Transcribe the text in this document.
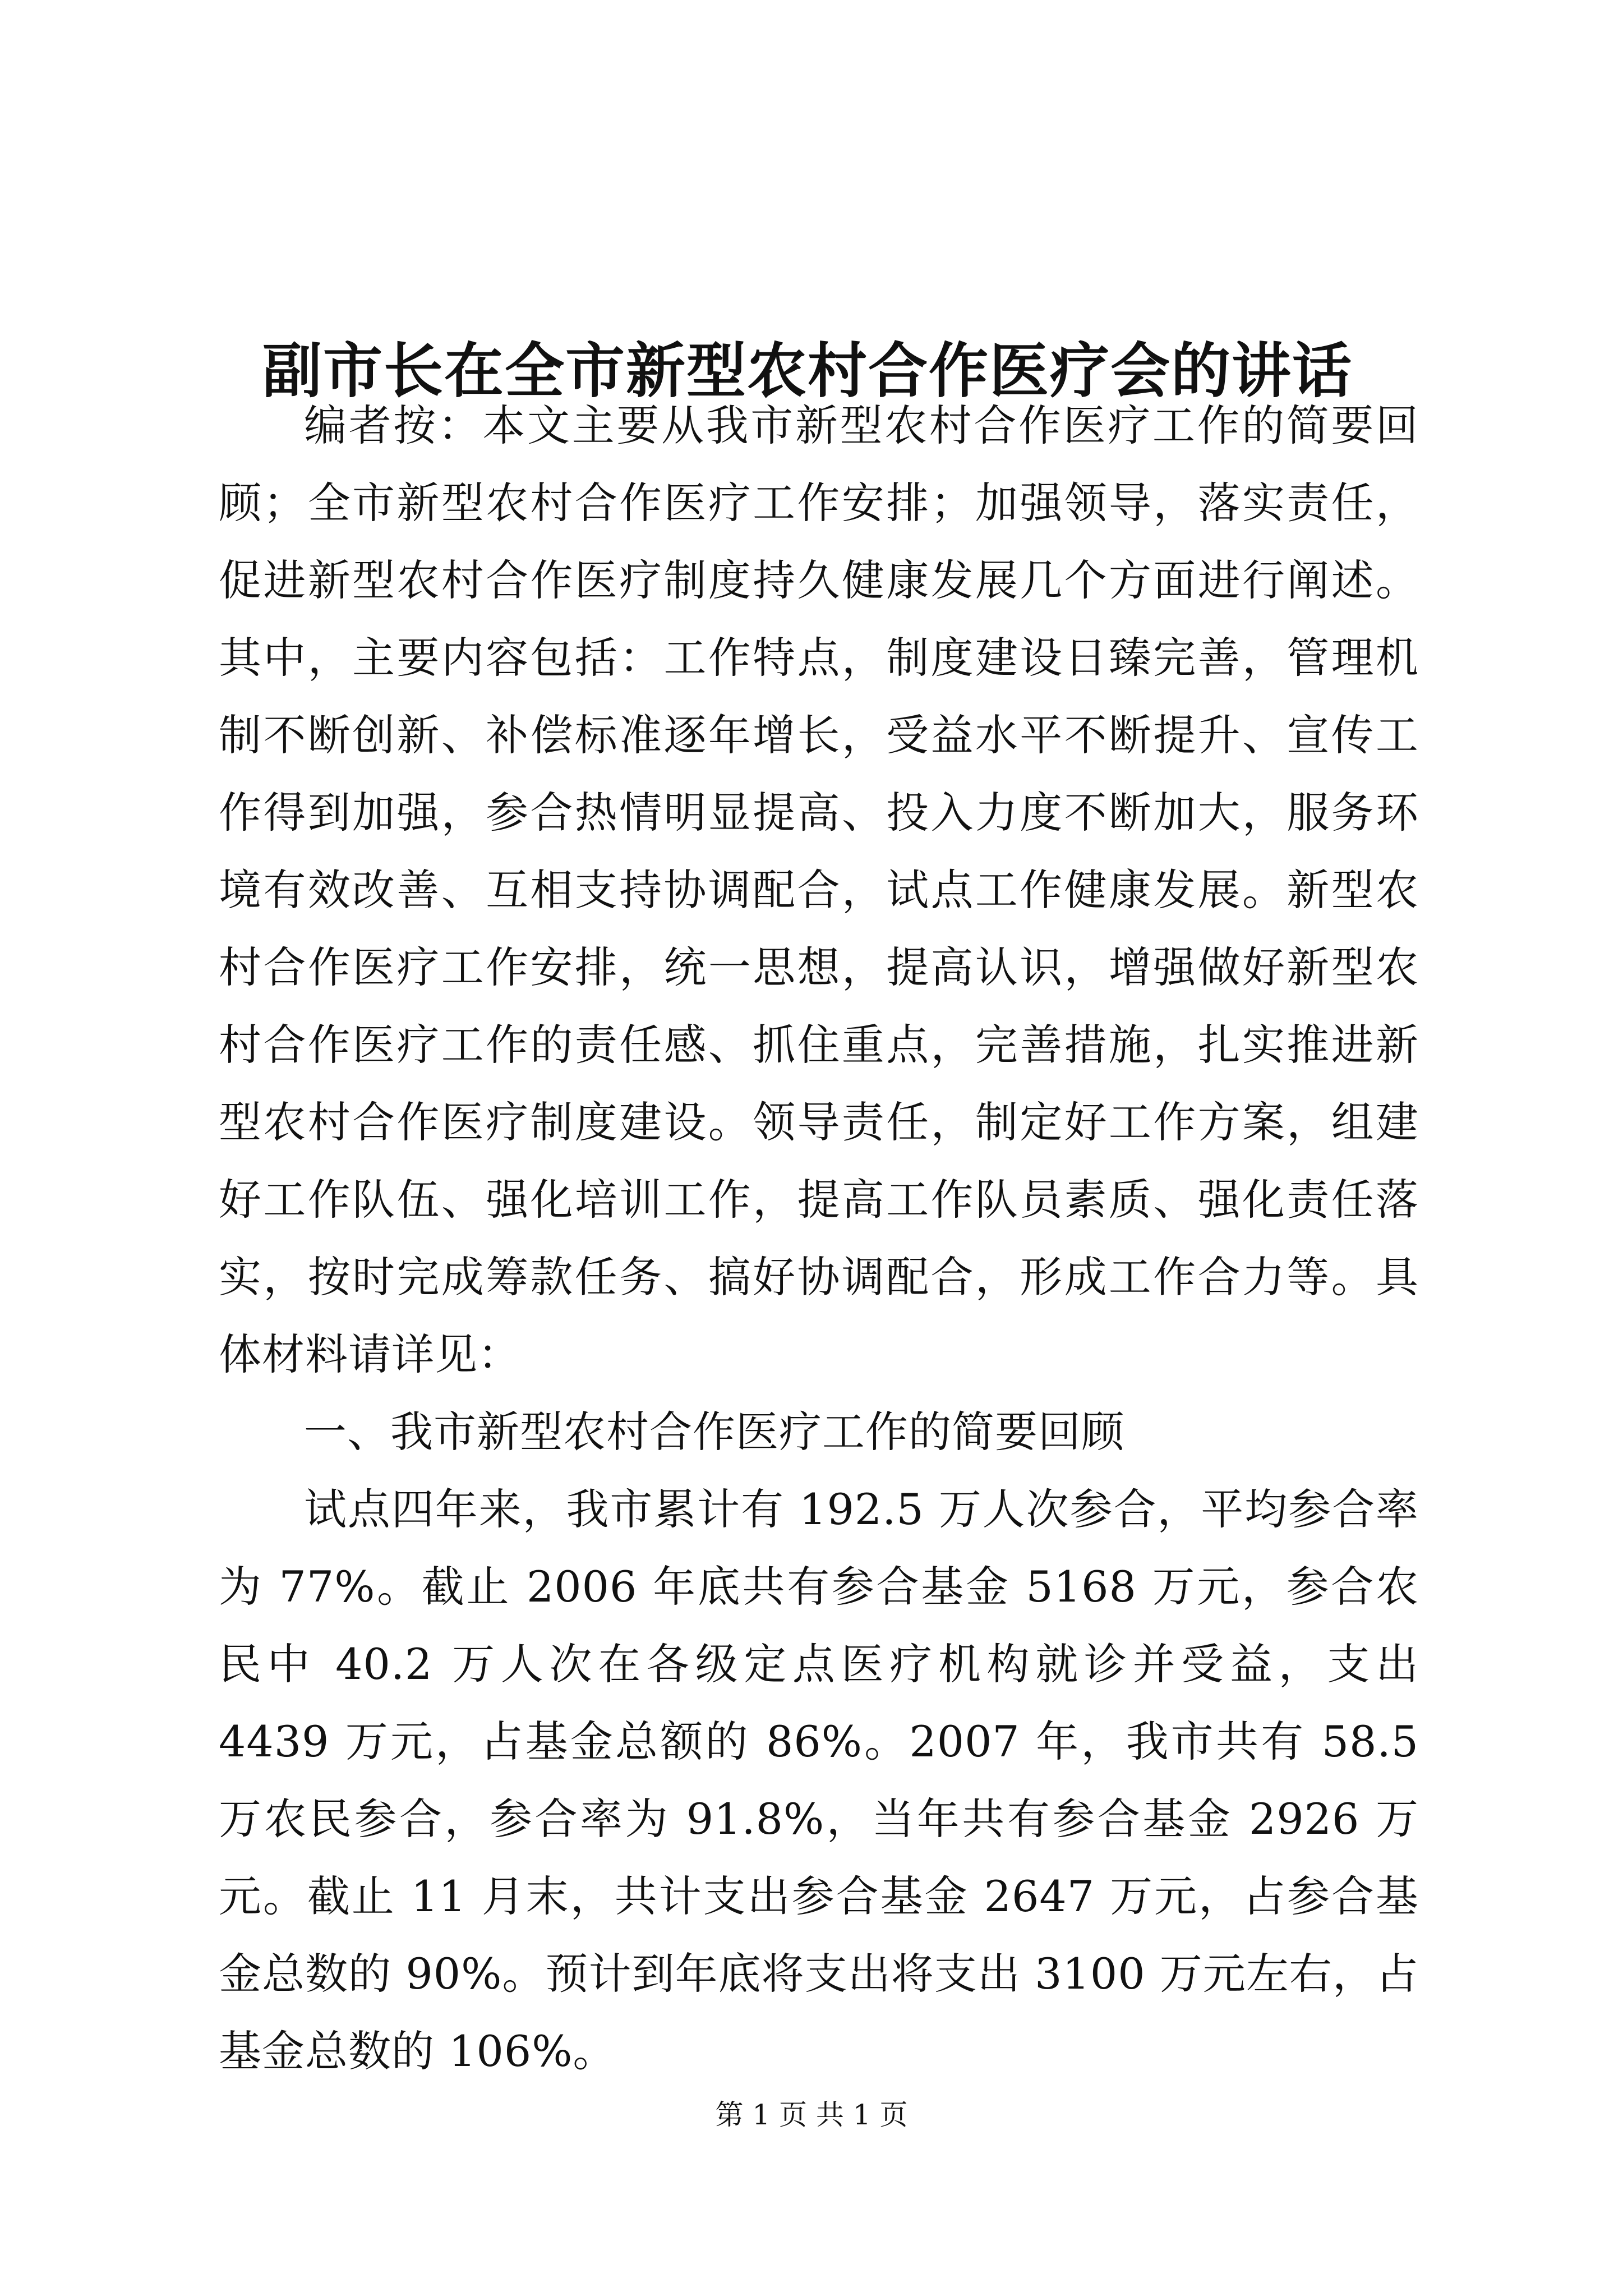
副市长在全市新型农村合作医疗会的讲话

编者按：本文主要从我市新型农村合作医疗工作的简要回顾；全市新型农村合作医疗工作安排；加强领导，落实责任，促进新型农村合作医疗制度持久健康发展几个方面进行阐述。其中，主要内容包括：工作特点，制度建设日臻完善，管理机制不断创新、补偿标准逐年增长，受益水平不断提升、宣传工作得到加强，参合热情明显提高、投入力度不断加大，服务环境有效改善、互相支持协调配合，试点工作健康发展。新型农村合作医疗工作安排，统一思想，提高认识，增强做好新型农村合作医疗工作的责任感、抓住重点，完善措施，扎实推进新型农村合作医疗制度建设。领导责任，制定好工作方案，组建好工作队伍、强化培训工作，提高工作队员素质、强化责任落实，按时完成筹款任务、搞好协调配合，形成工作合力等。具体材料请详见：

一、我市新型农村合作医疗工作的简要回顾

试点四年来，我市累计有 192.5 万人次参合，平均参合率为 77%。截止 2006 年底共有参合基金 5168 万元，参合农民中 40.2 万人次在各级定点医疗机构就诊并受益，支出 4439 万元，占基金总额的 86%。2007 年，我市共有 58.5 万农民参合，参合率为 91.8%，当年共有参合基金 2926 万元。截止 11 月末，共计支出参合基金 2647 万元，占参合基金总数的 90%。预计到年底将支出将支出 3100 万元左右，占基金总数的 106%。

第 1 页 共 1 页
